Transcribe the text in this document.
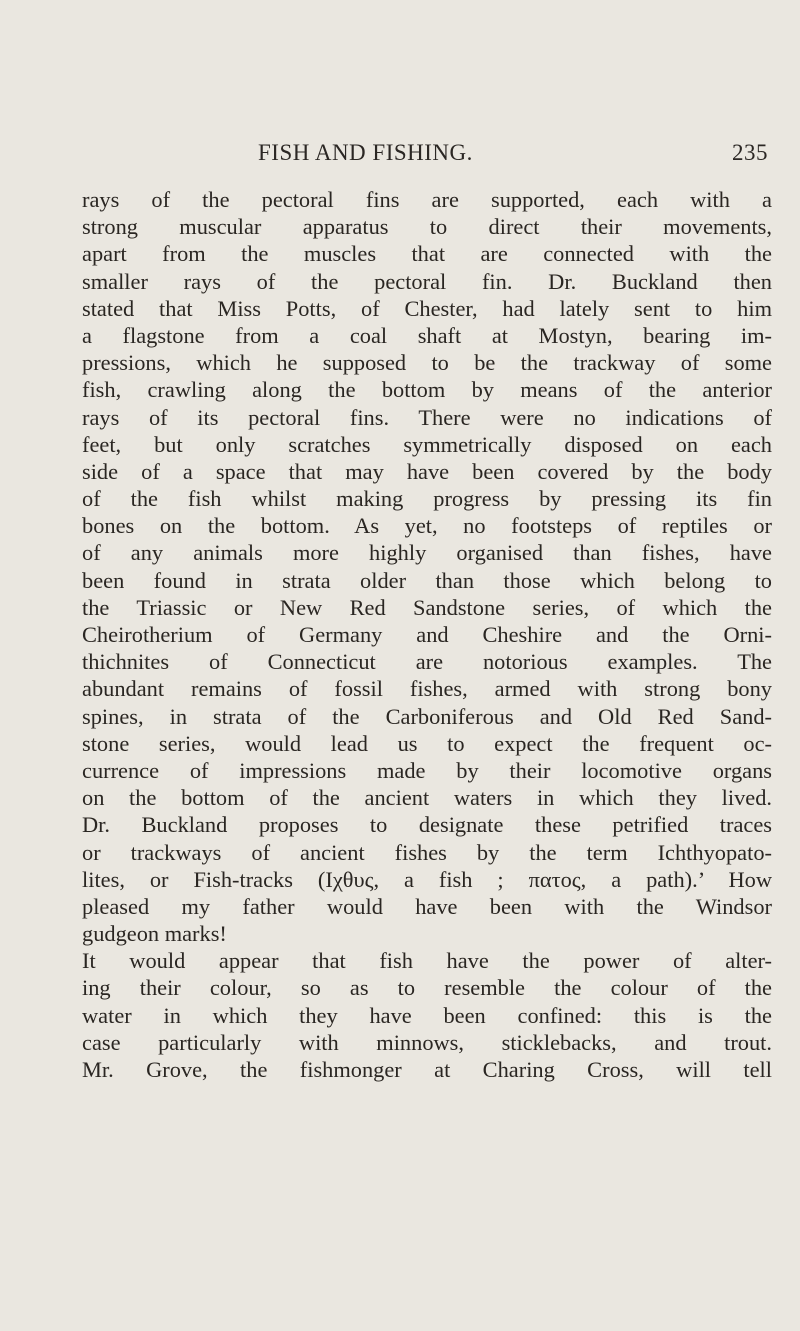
FISH AND FISHING.	235
rays of the pectoral fins are supported, each with a
strong muscular apparatus to direct their movements,
apart from the muscles that are connected with the
smaller rays of the pectoral fin. Dr. Buckland then
stated that Miss Potts, of Chester, had lately sent to him
a flagstone from a coal shaft at Mostyn, bearing im-
pressions, which he supposed to be the trackway of some
fish, crawling along the bottom by means of the anterior
rays of its pectoral fins. There were no indications of
feet, but only scratches symmetrically disposed on each
side of a space that may have been covered by the body
of the fish whilst making progress by pressing its fin
bones on the bottom. As yet, no footsteps of reptiles or
of any animals more highly organised than fishes, have
been found in strata older than those which belong to
the Triassic or New Red Sandstone series, of which the
Cheirotherium of Germany and Cheshire and the Orni-
thichnites of Connecticut are notorious examples. The
abundant remains of fossil fishes, armed with strong bony
spines, in strata of the Carboniferous and Old Red Sand-
stone series, would lead us to expect the frequent oc-
currence of impressions made by their locomotive organs
on the bottom of the ancient waters in which they lived.
Dr. Buckland proposes to designate these petrified traces
or trackways of ancient fishes by the term Ichthyopato-
lites, or Fish-tracks (Ιχθυς, a fish ; πατος, a path).’ How
pleased my father would have been with the Windsor
gudgeon marks!
It would appear that fish have the power of alter-
ing their colour, so as to resemble the colour of the
water in which they have been confined: this is the
case particularly with minnows, sticklebacks, and trout.
Mr. Grove, the fishmonger at Charing Cross, will tell
